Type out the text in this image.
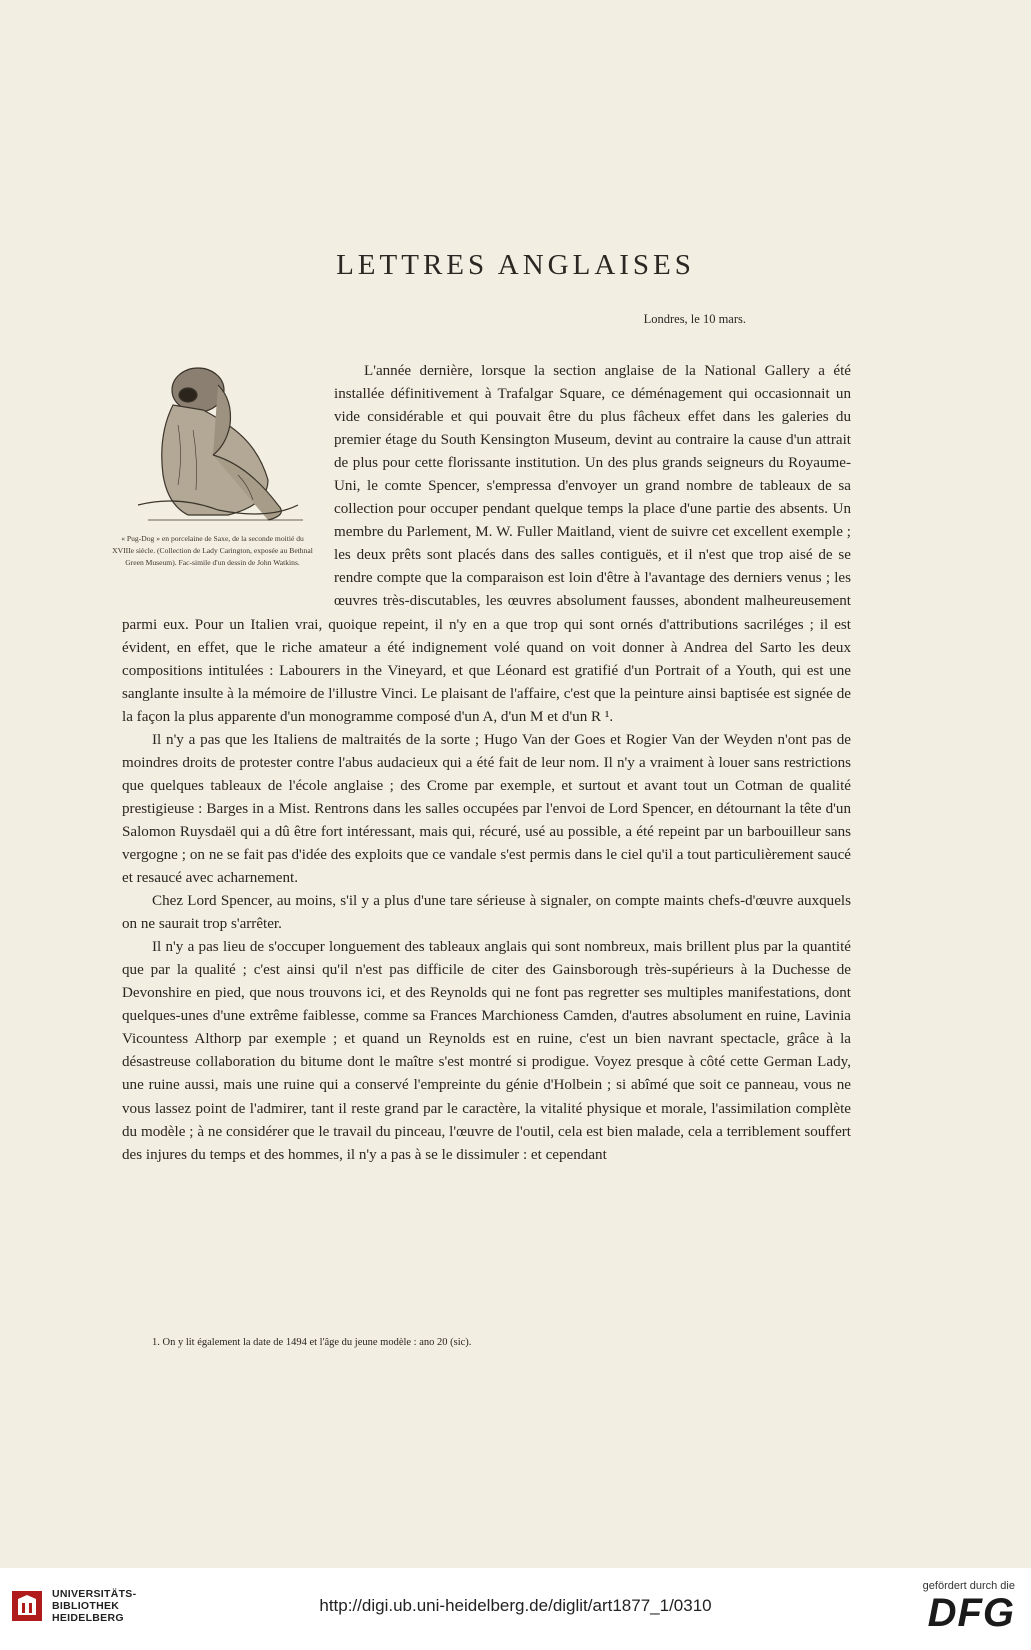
LETTRES ANGLAISES
Londres, le 10 mars.
« Pug-Dog » en porcelaine de Saxe, de la seconde moitié du XVIIIe siècle. (Collection de Lady Carington, exposée au Bethnal Green Museum). Fac-simile d'un dessin de John Watkins.

L'année dernière, lorsque la section anglaise de la National Gallery a été installée définitivement à Trafalgar Square, ce déménagement qui occasionnait un vide considérable et qui pouvait être du plus fâcheux effet dans les galeries du premier étage du South Kensington Museum, devint au contraire la cause d'un attrait de plus pour cette florissante institution. Un des plus grands seigneurs du Royaume-Uni, le comte Spencer, s'empressa d'envoyer un grand nombre de tableaux de sa collection pour occuper pendant quelque temps la place d'une partie des absents. Un membre du Parlement, M. W. Fuller Maitland, vient de suivre cet excellent exemple ; les deux prêts sont placés dans des salles contiguës, et il n'est que trop aisé de se rendre compte que la comparaison est loin d'être à l'avantage des derniers venus ; les œuvres très-discutables, les œuvres absolument fausses, abondent malheureusement parmi eux. Pour un Italien vrai, quoique repeint, il n'y en a que trop qui sont ornés d'attributions sacriléges ; il est évident, en effet, que le riche amateur a été indignement volé quand on voit donner à Andrea del Sarto les deux compositions intitulées : Labourers in the Vineyard, et que Léonard est gratifié d'un Portrait of a Youth, qui est une sanglante insulte à la mémoire de l'illustre Vinci. Le plaisant de l'affaire, c'est que la peinture ainsi baptisée est signée de la façon la plus apparente d'un monogramme composé d'un A, d'un M et d'un R ¹.

Il n'y a pas que les Italiens de maltraités de la sorte ; Hugo Van der Goes et Rogier Van der Weyden n'ont pas de moindres droits de protester contre l'abus audacieux qui a été fait de leur nom. Il n'y a vraiment à louer sans restrictions que quelques tableaux de l'école anglaise ; des Crome par exemple, et surtout et avant tout un Cotman de qualité prestigieuse : Barges in a Mist. Rentrons dans les salles occupées par l'envoi de Lord Spencer, en détournant la tête d'un Salomon Ruysdaël qui a dû être fort intéressant, mais qui, récuré, usé au possible, a été repeint par un barbouilleur sans vergogne ; on ne se fait pas d'idée des exploits que ce vandale s'est permis dans le ciel qu'il a tout particulièrement saucé et resaucé avec acharnement.

Chez Lord Spencer, au moins, s'il y a plus d'une tare sérieuse à signaler, on compte maints chefs-d'œuvre auxquels on ne saurait trop s'arrêter.

Il n'y a pas lieu de s'occuper longuement des tableaux anglais qui sont nombreux, mais brillent plus par la quantité que par la qualité ; c'est ainsi qu'il n'est pas difficile de citer des Gainsborough très-supérieurs à la Duchesse de Devonshire en pied, que nous trouvons ici, et des Reynolds qui ne font pas regretter ses multiples manifestations, dont quelques-unes d'une extrême faiblesse, comme sa Frances Marchioness Camden, d'autres absolument en ruine, Lavinia Vicountess Althorp par exemple ; et quand un Reynolds est en ruine, c'est un bien navrant spectacle, grâce à la désastreuse collaboration du bitume dont le maître s'est montré si prodigue. Voyez presque à côté cette German Lady, une ruine aussi, mais une ruine qui a conservé l'empreinte du génie d'Holbein ; si abîmé que soit ce panneau, vous ne vous lassez point de l'admirer, tant il reste grand par le caractère, la vitalité physique et morale, l'assimilation complète du modèle ; à ne considérer que le travail du pinceau, l'œuvre de l'outil, cela est bien malade, cela a terriblement souffert des injures du temps et des hommes, il n'y a pas à se le dissimuler : et cependant

1. On y lit également la date de 1494 et l'âge du jeune modèle : ano 20 (sic).
UNIVERSITÄTS-
BIBLIOTHEK
HEIDELBERG
http://digi.ub.uni-heidelberg.de/diglit/art1877_1/0310
gefördert durch die
DFG
